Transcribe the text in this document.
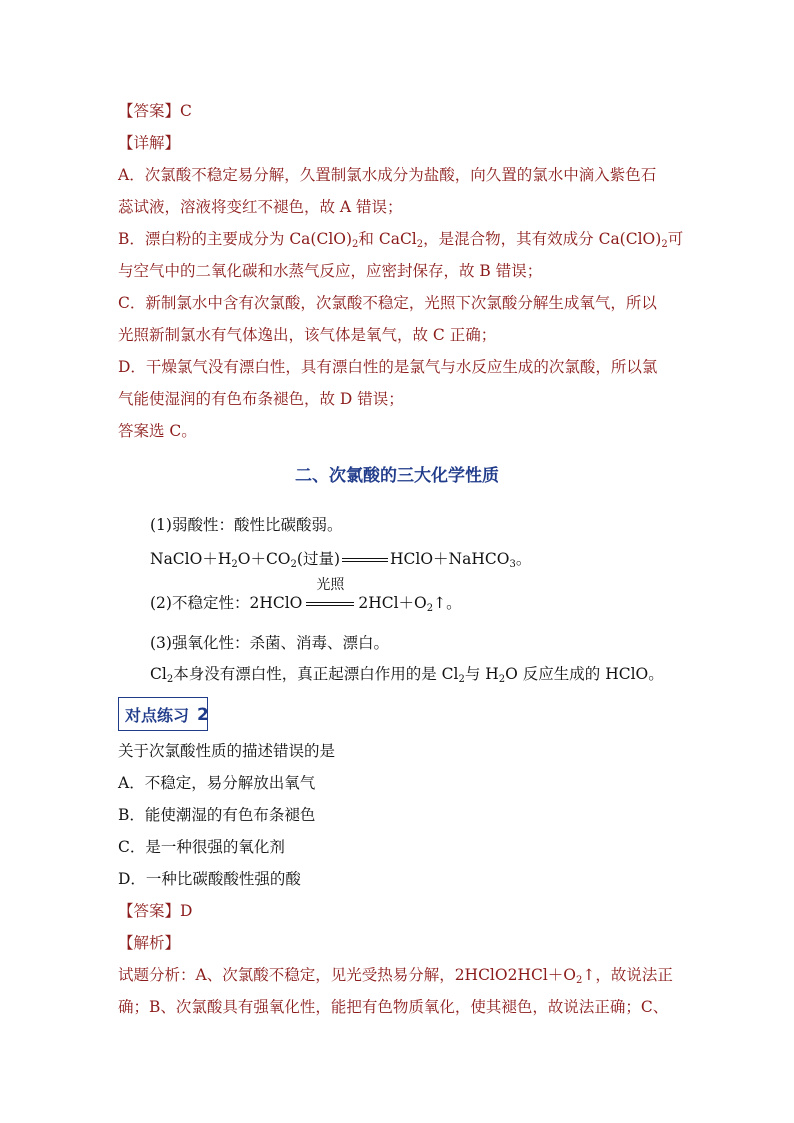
【答案】C
【详解】
A．次氯酸不稳定易分解，久置制氯水成分为盐酸，向久置的氯水中滴入紫色石
蕊试液，溶液将变红不褪色，故 A 错误；
B．漂白粉的主要成分为 $Ca(ClO)_2$和 CaCl$_2$，是混合物，其有效成分 $Ca(ClO)_2$可
与空气中的二氧化碳和水蒸气反应，应密封保存，故 B 错误；
C．新制氯水中含有次氯酸，次氯酸不稳定，光照下次氯酸分解生成氧气，所以
光照新制氯水有气体逸出，该气体是氧气，故 C 正确；
D．干燥氯气没有漂白性，具有漂白性的是氯气与水反应生成的次氯酸，所以氯
气能使湿润的有色布条褪色，故 D 错误；
答案选 C。
二、次氯酸的三大化学性质
(1)弱酸性：酸性比碳酸弱。
$NaClO+H_2O+CO_2$(过量)	HClO＋NaHCO$_3$。
(2)不稳定性：2HClO
光照
$2HCl+O_2↑$。
(3)强氧化性：杀菌、消毒、漂白。
$Cl_2$本身没有漂白性，真正起漂白作用的是 $Cl_2$与 $H_2O$ 反应生成的 HClO。
对点练习 2
关于次氯酸性质的描述错误的是
A．不稳定，易分解放出氧气
B．能使潮湿的有色布条褪色
C．是一种很强的氧化剂
D．一种比碳酸酸性强的酸
【答案】D
【解析】
试题分析：A、次氯酸不稳定，见光受热易分解，$2HClO2HCl+O_2↑$，故说法正
确；B、次氯酸具有强氧化性，能把有色物质氧化，使其褪色，故说法正确；C、
